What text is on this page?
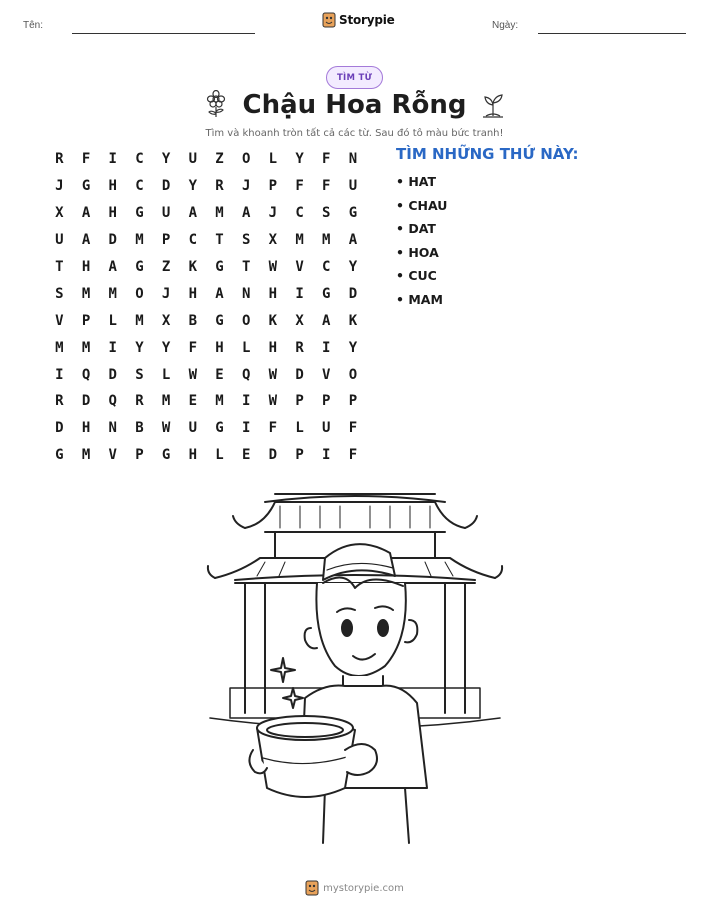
Tên:	Ngày:
Storypie
TÌM TỪ
Chậu Hoa Rỗng
Tìm và khoanh tròn tất cả các từ. Sau đó tô màu bức tranh!
R	F	I	C	Y	U	Z	O	L	Y	F	N
J	G	H	C	D	Y	R	J	P	F	F	U
X	A	H	G	U	A	M	A	J	C	S	G
U	A	D	M	P	C	T	S	X	M	M	A
T	H	A	G	Z	K	G	T	W	V	C	Y
S	M	M	O	J	H	A	N	H	I	G	D
V	P	L	M	X	B	G	O	K	X	A	K
M	M	I	Y	Y	F	H	L	H	R	I	Y
I	Q	D	S	L	W	E	Q	W	D	V	O
R	D	Q	R	M	E	M	I	W	P	P	P
D	H	N	B	W	U	G	I	F	L	U	F
G	M	V	P	G	H	L	E	D	P	I	F
TÌM NHỮNG THỨ NÀY:
• HAT
• CHAU
• DAT
• HOA
• CUC
• MAM
mystorypie.com
